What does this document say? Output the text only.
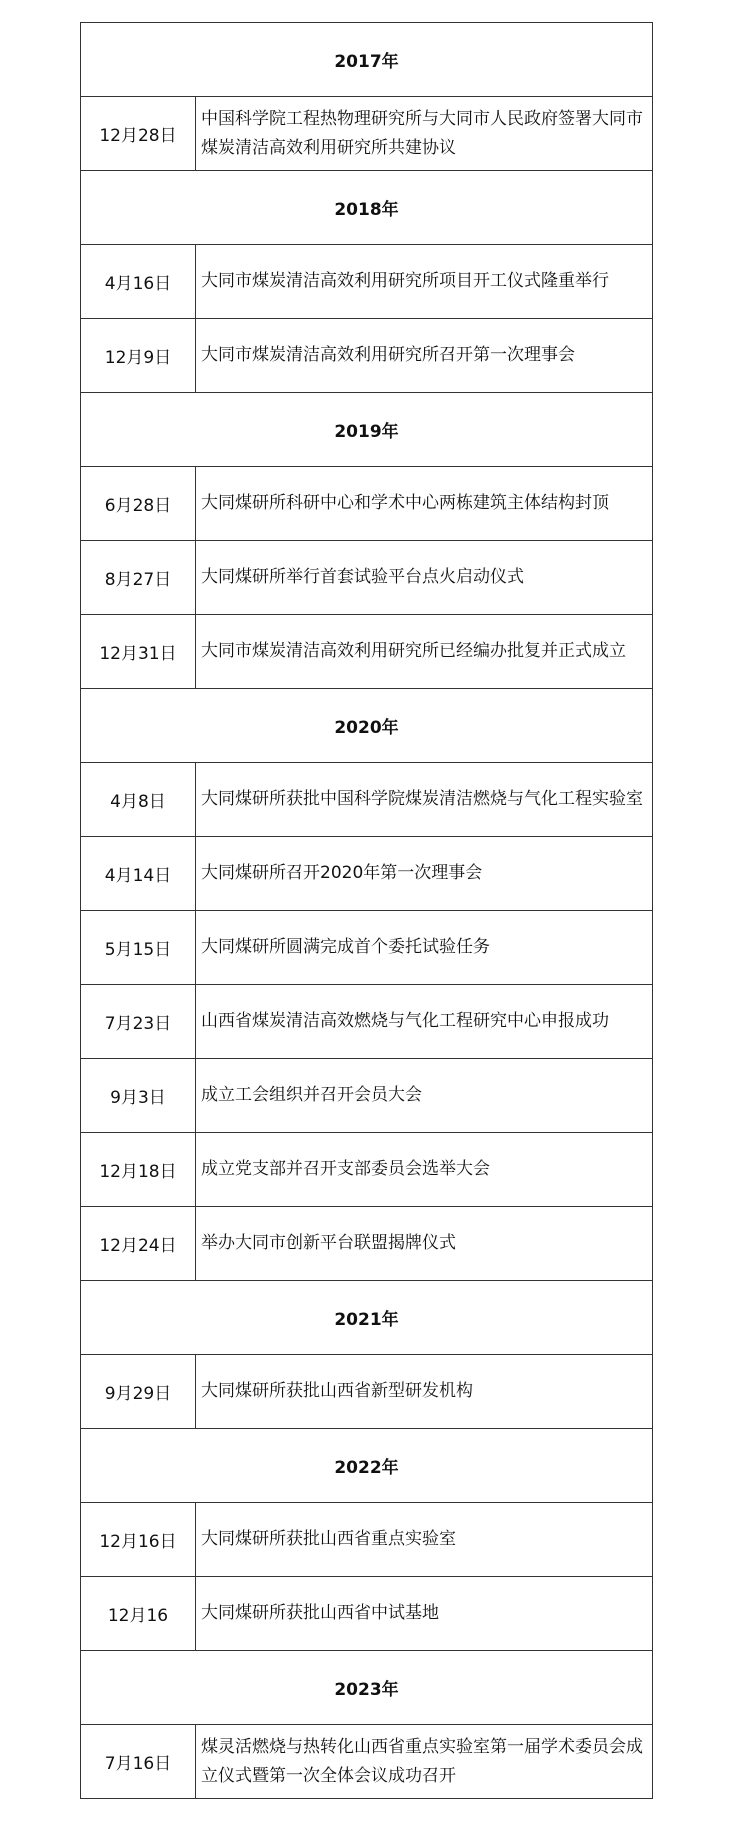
2017年	
12月28日	中国科学院工程热物理研究所与大同市人民政府签署大同市煤炭清洁高效利用研究所共建协议
2018年	
4月16日	大同市煤炭清洁高效利用研究所项目开工仪式隆重举行
12月9日	大同市煤炭清洁高效利用研究所召开第一次理事会
2019年	
6月28日	大同煤研所科研中心和学术中心两栋建筑主体结构封顶
8月27日	大同煤研所举行首套试验平台点火启动仪式
12月31日	大同市煤炭清洁高效利用研究所已经编办批复并正式成立
2020年	
4月8日	大同煤研所获批中国科学院煤炭清洁燃烧与气化工程实验室
4月14日	大同煤研所召开2020年第一次理事会
5月15日	大同煤研所圆满完成首个委托试验任务
7月23日	山西省煤炭清洁高效燃烧与气化工程研究中心申报成功
9月3日	成立工会组织并召开会员大会
12月18日	成立党支部并召开支部委员会选举大会
12月24日	举办大同市创新平台联盟揭牌仪式
2021年	
9月29日	大同煤研所获批山西省新型研发机构
2022年	
12月16日	大同煤研所获批山西省重点实验室
12月16	大同煤研所获批山西省中试基地
2023年	
7月16日	煤灵活燃烧与热转化山西省重点实验室第一届学术委员会成立仪式暨第一次全体会议成功召开
